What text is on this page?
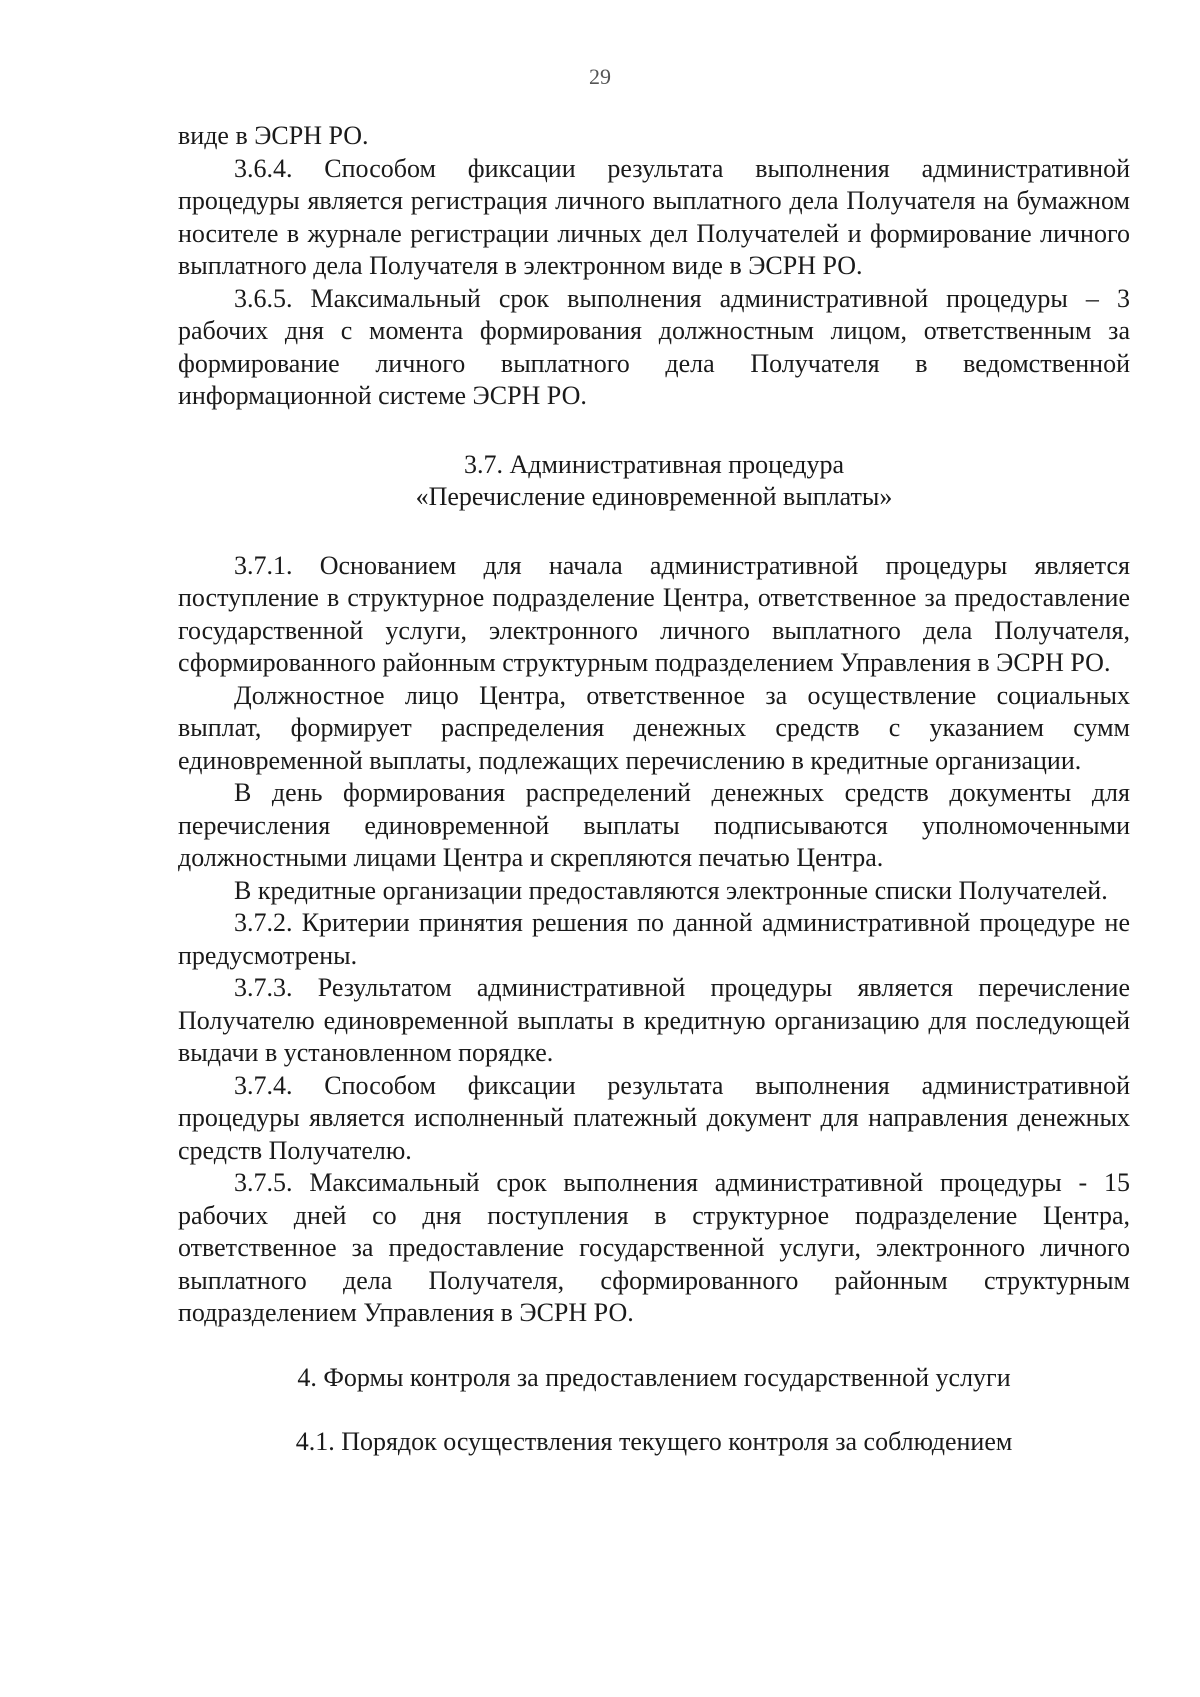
29

виде в ЭСРН РО.

3.6.4. Способом фиксации результата выполнения административной процедуры является регистрация личного выплатного дела Получателя на бумажном носителе в журнале регистрации личных дел Получателей и формирование личного выплатного дела Получателя в электронном виде в ЭСРН РО.

3.6.5. Максимальный срок выполнения административной процедуры – 3 рабочих дня с момента формирования должностным лицом, ответственным за формирование личного выплатного дела Получателя в ведомственной информационной системе ЭСРН РО.

3.7. Административная процедура

«Перечисление единовременной выплаты»

3.7.1. Основанием для начала административной процедуры является поступление в структурное подразделение Центра, ответственное за предоставление государственной услуги, электронного личного выплатного дела Получателя, сформированного районным структурным подразделением Управления в ЭСРН РО.

Должностное лицо Центра, ответственное за осуществление социальных выплат, формирует распределения денежных средств с указанием сумм единовременной выплаты, подлежащих перечислению в кредитные организации.

В день формирования распределений денежных средств документы для перечисления единовременной выплаты подписываются уполномоченными должностными лицами Центра и скрепляются печатью Центра.

В кредитные организации предоставляются электронные списки Получателей.

3.7.2. Критерии принятия решения по данной административной процедуре не предусмотрены.

3.7.3. Результатом административной процедуры является перечисление Получателю единовременной выплаты в кредитную организацию для последующей выдачи в установленном порядке.

3.7.4. Способом фиксации результата выполнения административной процедуры является исполненный платежный документ для направления денежных средств Получателю.

3.7.5. Максимальный срок выполнения административной процедуры - 15 рабочих дней со дня поступления в структурное подразделение Центра, ответственное за предоставление государственной услуги, электронного личного выплатного дела Получателя, сформированного районным структурным подразделением Управления в ЭСРН РО.

4. Формы контроля за предоставлением государственной услуги

4.1. Порядок осуществления текущего контроля за соблюдением
